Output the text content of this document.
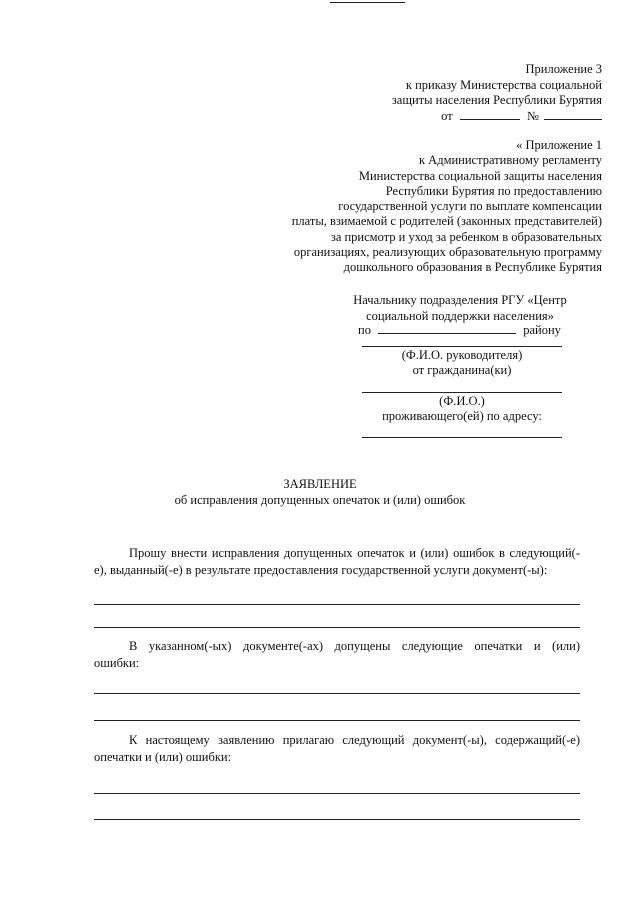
Приложение 3

к приказу Министерства социальной

защиты населения Республики Бурятия

от	№

« Приложение 1

к Административному регламенту

Министерства социальной защиты населения

Республики Бурятия по предоставлению

государственной услуги по выплате компенсации

платы, взимаемой с родителей (законных представителей)

за присмотр и уход за ребенком в образовательных

организациях, реализующих образовательную программу

дошкольного образования в Республике Бурятия

Начальнику подразделения РГУ «Центр

социальной поддержки населения»

по	району

(Ф.И.О. руководителя)

от гражданина(ки)

(Ф.И.О.)

проживающего(ей) по адресу:

ЗАЯВЛЕНИЕ

об исправления допущенных опечаток и (или) ошибок

Прошу внести исправления допущенных опечаток и (или) ошибок в следующий(-

е), выданный(-е) в результате предоставления государственной услуги документ(-ы):

В указанном(-ых) документе(-ах) допущены следующие опечатки и (или)

ошибки:

К настоящему заявлению прилагаю следующий документ(-ы), содержащий(-е)

опечатки и (или) ошибки:
